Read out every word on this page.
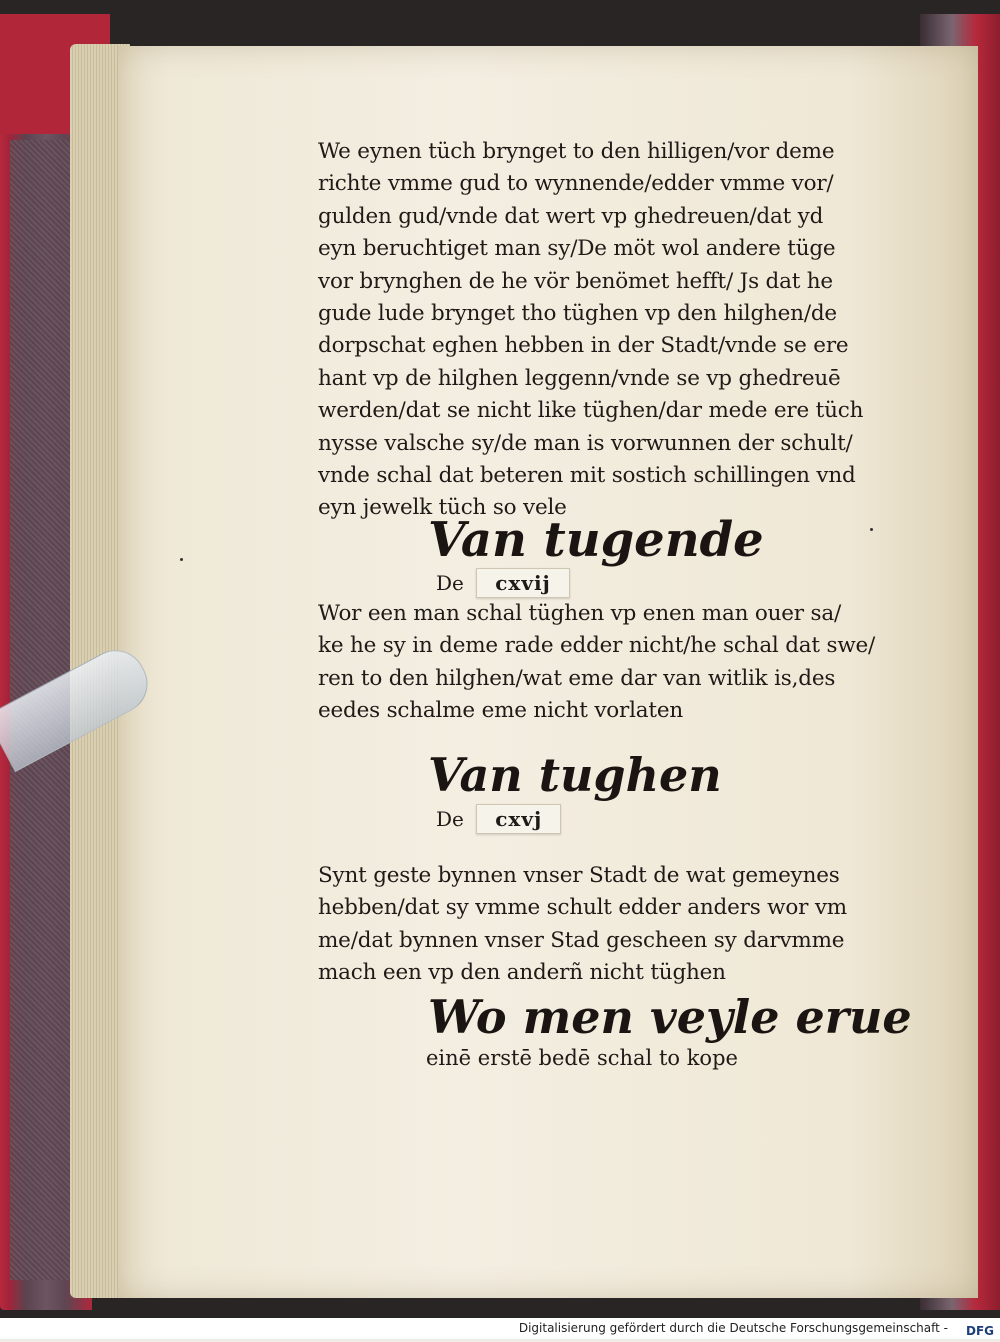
We eynen tüch brynget to den hilligen/vor deme
richte vmme gud to wynnende/edder vmme vor/
gulden gud/vnde dat wert vp ghedreuen/dat yd
eyn beruchtiget man sy/De möt wol andere tüge
vor brynghen de he vör benömet hefft/ Js dat he
gude lude brynget tho tüghen vp den hilghen/de
dorpschat eghen hebben in der Stadt/vnde se ere
hant vp de hilghen leggenn/vnde se vp ghedreuē
werden/dat se nicht like tüghen/dar mede ere tüch
nysse valsche sy/de man is vorwunnen der schult/
vnde schal dat beteren mit sostich schillingen vnd
eyn jewelk tüch so vele
Van tugende
De cxvij
Wor een man schal tüghen vp enen man ouer sa/
ke he sy in deme rade edder nicht/he schal dat swe/
ren to den hilghen/wat eme dar van witlik is,des
eedes schalme eme nicht vorlaten
Van tughen
De cxvj
Synt geste bynnen vnser Stadt de wat gemeynes
hebben/dat sy vmme schult edder anders wor vm
me/dat bynnen vnser Stad gescheen sy darvmme
mach een vp den anderñ nicht tüghen
Wo men veyle erue
einē erstē bedē schal to kope
Digitalisierung gefördert durch die Deutsche Forschungsgemeinschaft - DFG
